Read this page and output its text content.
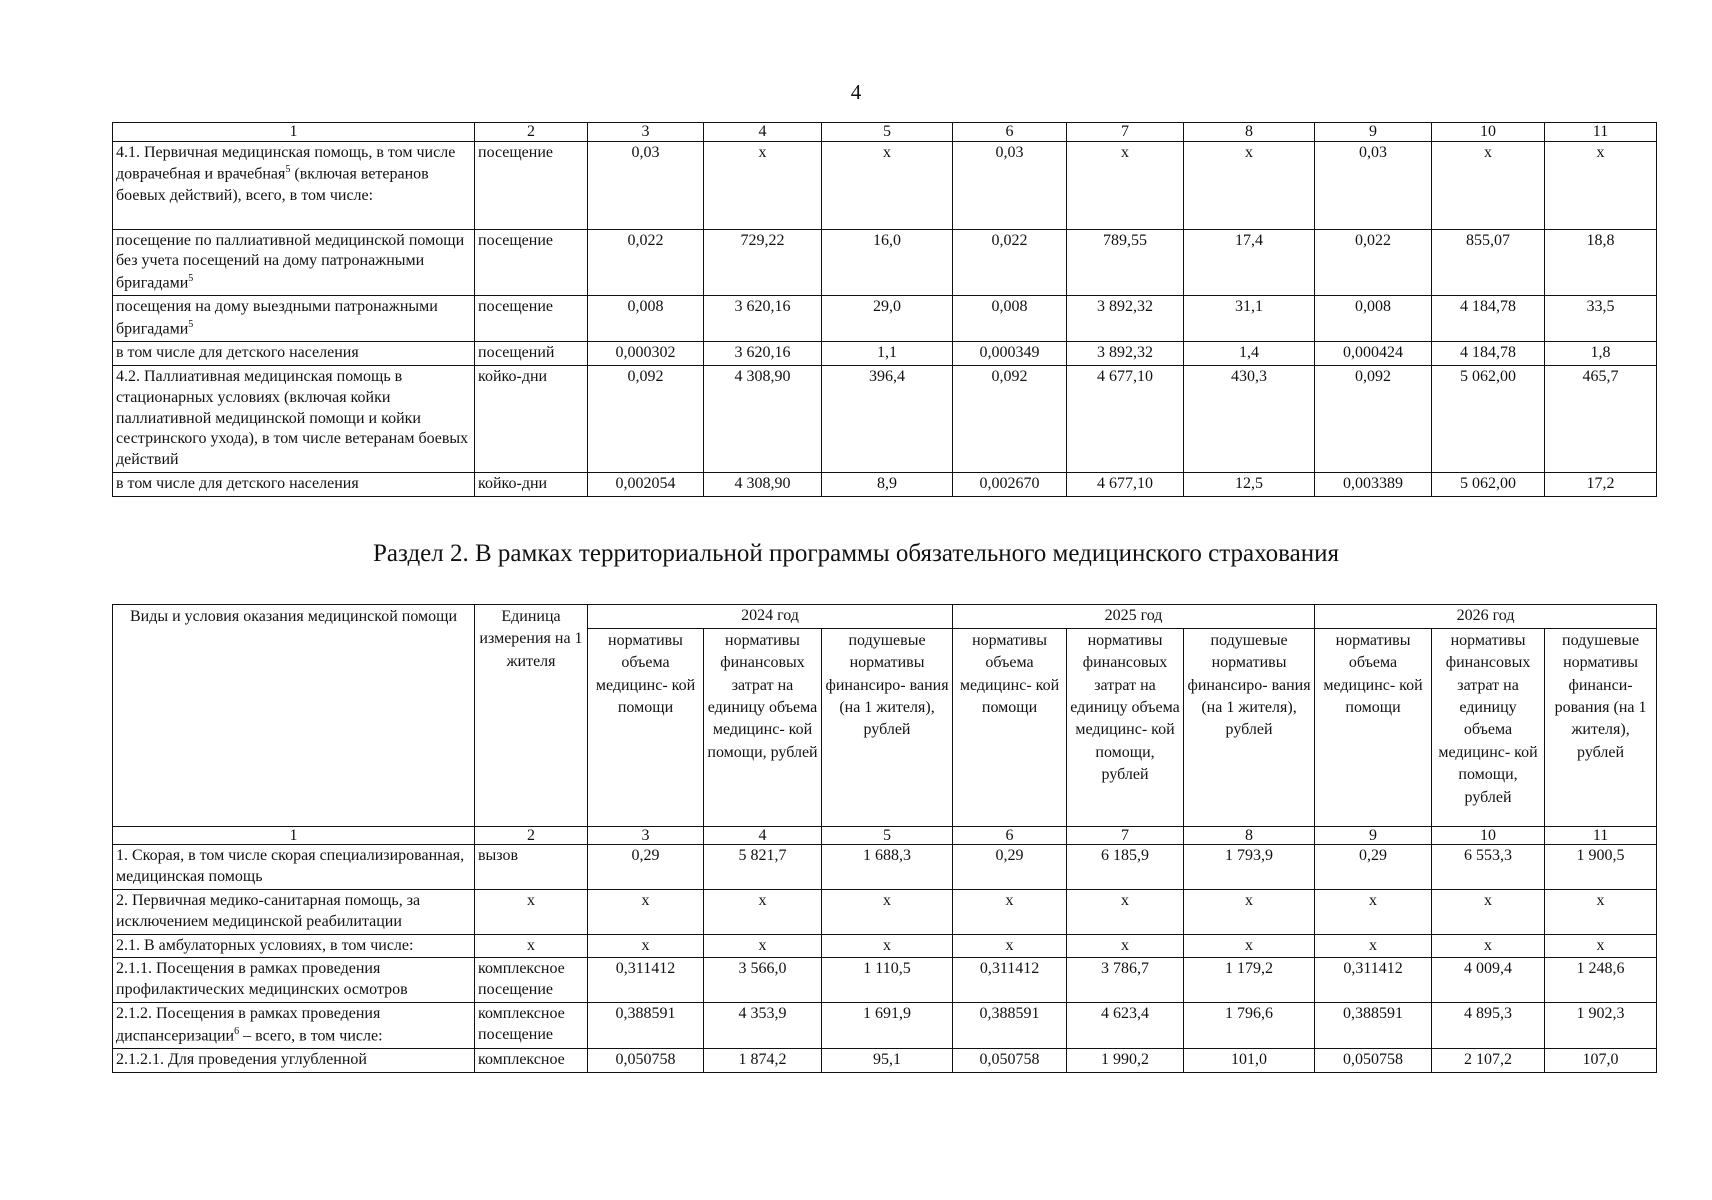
4
1	2	3	4	5	6	7	8	9	10	11
4.1. Первичная медицинская помощь, в том числе доврачебная и врачебная$^5$ (включая ветеранов боевых действий), всего, в том числе:	посещение	0,03	x	x	0,03	x	x	0,03	x	x
посещение по паллиативной медицинской помощи без учета посещений на дому патронажными бригадами$^5$	посещение	0,022	729,22	16,0	0,022	789,55	17,4	0,022	855,07	18,8
посещения на дому выездными патронажными бригадами$^5$	посещение	0,008	3 620,16	29,0	0,008	3 892,32	31,1	0,008	4 184,78	33,5
в том числе для детского населения	посещений	0,000302	3 620,16	1,1	0,000349	3 892,32	1,4	0,000424	4 184,78	1,8
4.2. Паллиативная медицинская помощь в стационарных условиях (включая койки паллиативной медицинской помощи и койки сестринского ухода), в том числе ветеранам боевых действий	койко-дни	0,092	4 308,90	396,4	0,092	4 677,10	430,3	0,092	5 062,00	465,7
в том числе для детского населения	койко-дни	0,002054	4 308,90	8,9	0,002670	4 677,10	12,5	0,003389	5 062,00	17,2
Раздел 2. В рамках территориальной программы обязательного медицинского страхования
Виды и условия оказания медицинской помощи	Единица измерения на 1 жителя	2024 год			2025 год			2026 год		
		нормативы объема медицинс- кой помощи	нормативы финансовых затрат на единицу объема медицинс- кой помощи, рублей	подушевые нормативы финансиро- вания (на 1 жителя), рублей	нормативы объема медицинс- кой помощи	нормативы финансовых затрат на единицу объема медицинс- кой помощи, рублей	подушевые нормативы финансиро- вания (на 1 жителя), рублей	нормативы объема медицинс- кой помощи	нормативы финансовых затрат на единицу объема медицинс- кой помощи, рублей	подушевые нормативы финанси- рования (на 1 жителя), рублей
1	2	3	4	5	6	7	8	9	10	11
1. Скорая, в том числе скорая специализированная, медицинская помощь	вызов	0,29	5 821,7	1 688,3	0,29	6 185,9	1 793,9	0,29	6 553,3	1 900,5
2. Первичная медико-санитарная помощь, за исключением медицинской реабилитации	x	x	x	x	x	x	x	x	x	x
2.1. В амбулаторных условиях, в том числе:	x	x	x	x	x	x	x	x	x	x
2.1.1. Посещения в рамках проведения профилактических медицинских осмотров	комплексное посещение	0,311412	3 566,0	1 110,5	0,311412	3 786,7	1 179,2	0,311412	4 009,4	1 248,6
2.1.2. Посещения в рамках проведения диспансеризации$^6$ – всего, в том числе:	комплексное посещение	0,388591	4 353,9	1 691,9	0,388591	4 623,4	1 796,6	0,388591	4 895,3	1 902,3
2.1.2.1. Для проведения углубленной	комплексное	0,050758	1 874,2	95,1	0,050758	1 990,2	101,0	0,050758	2 107,2	107,0
